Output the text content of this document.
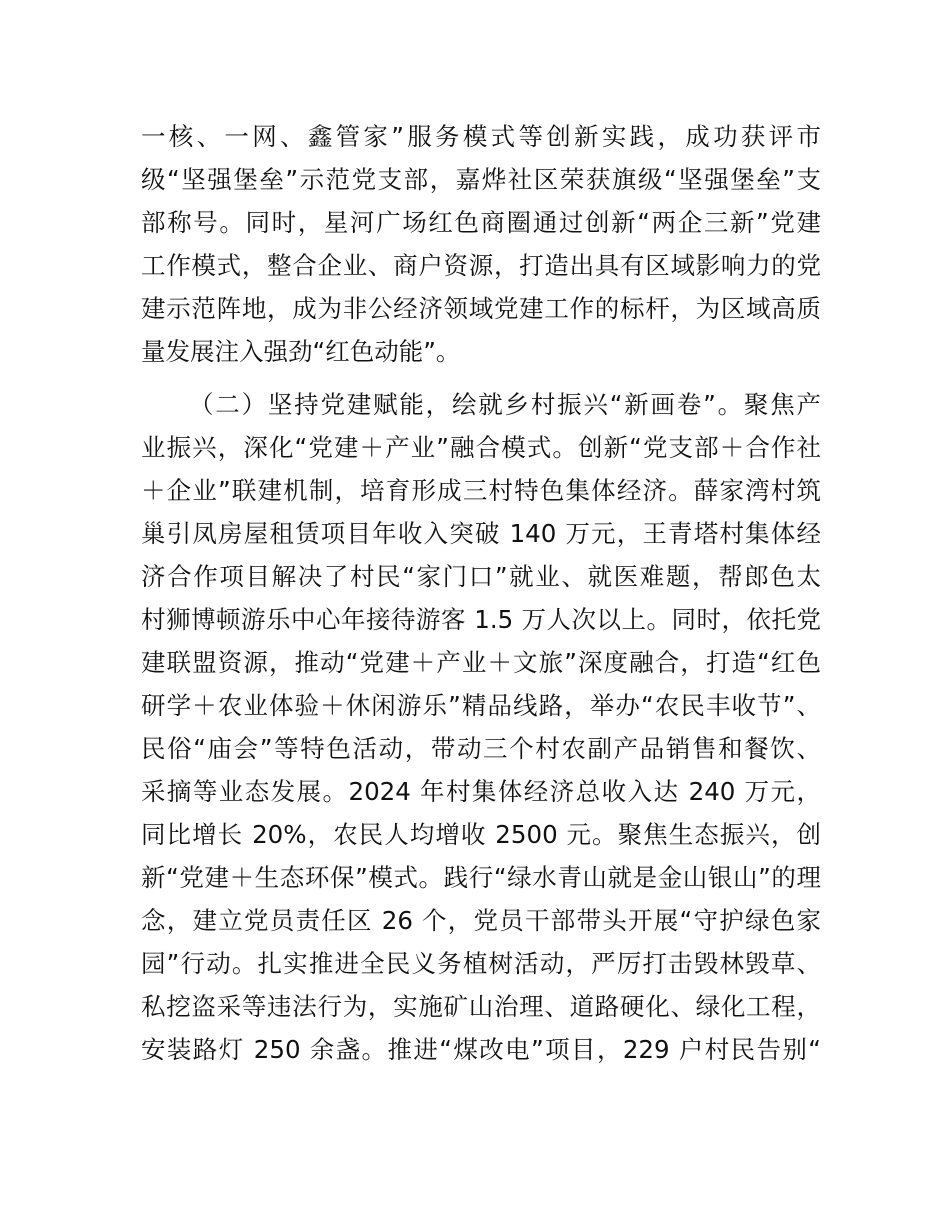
一核、一网、鑫管家”服务模式等创新实践，成功获评市
级“坚强堡垒”示范党支部，嘉烨社区荣获旗级“坚强堡垒”支
部称号。同时，星河广场红色商圈通过创新“两企三新”党建
工作模式，整合企业、商户资源，打造出具有区域影响力的党
建示范阵地，成为非公经济领域党建工作的标杆，为区域高质
量发展注入强劲“红色动能”。
（二）坚持党建赋能，绘就乡村振兴“新画卷”。聚焦产
业振兴，深化“党建＋产业”融合模式。创新“党支部＋合作社
＋企业”联建机制，培育形成三村特色集体经济。薛家湾村筑
巢引凤房屋租赁项目年收入突破 140 万元，王青塔村集体经
济合作项目解决了村民“家门口”就业、就医难题，帮郎色太
村狮博顿游乐中心年接待游客 1.5 万人次以上。同时，依托党
建联盟资源，推动“党建＋产业＋文旅”深度融合，打造“红色
研学＋农业体验＋休闲游乐”精品线路，举办“农民丰收节”、
民俗“庙会”等特色活动，带动三个村农副产品销售和餐饮、
采摘等业态发展。2024 年村集体经济总收入达 240 万元，
同比增长 20%，农民人均增收 2500 元。聚焦生态振兴，创
新“党建＋生态环保”模式。践行“绿水青山就是金山银山”的理
念，建立党员责任区 26 个，党员干部带头开展“守护绿色家
园”行动。扎实推进全民义务植树活动，严厉打击毁林毁草、
私挖盗采等违法行为，实施矿山治理、道路硬化、绿化工程，
安装路灯 250 余盏。推进“煤改电”项目，229 户村民告别“
